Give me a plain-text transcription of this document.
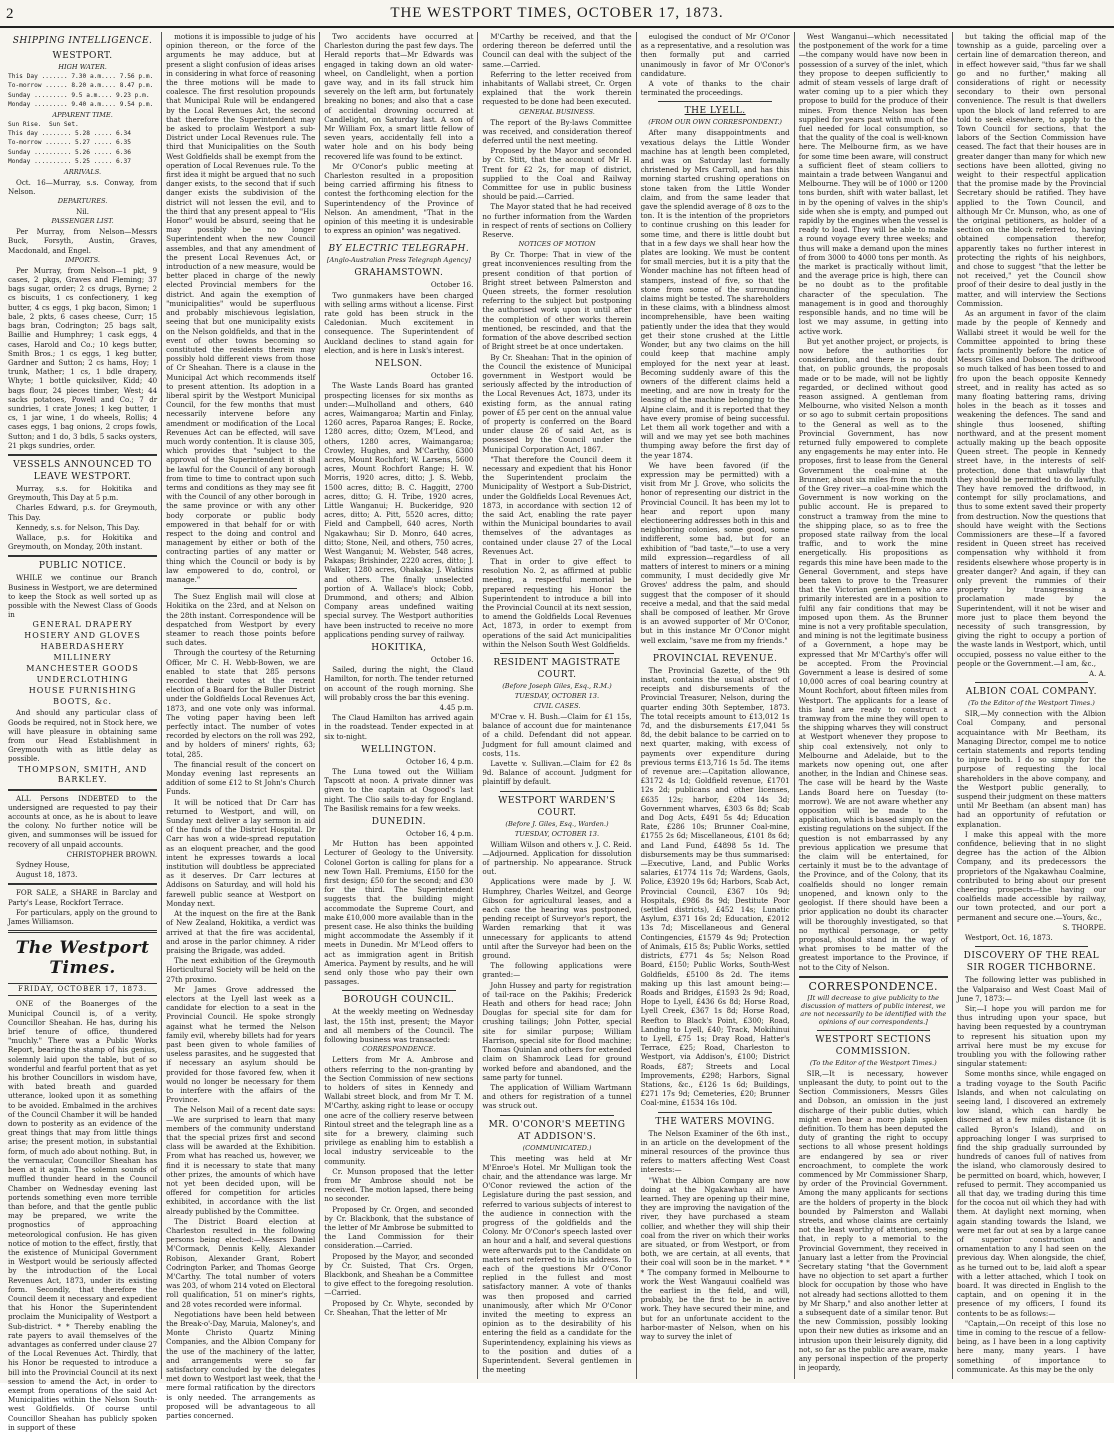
2	THE WESTPORT TIMES, OCTOBER 17, 1873.
SHIPPING INTELLIGENCE.
WESTPORT.
HIGH WATER.

This Day ....... 7.30 a.m.... 7.56 p.m.

To-morrow ...... 8.20 a.m.... 8.47 p.m.

Sunday ......... 9.5 a.m.... 9.23 p.m.

Monday ......... 9.40 a.m.... 9.54 p.m.

APPARENT TIME.

Sun Rise.  Sun Set.

This day ........ 5.28 ..... 6.34

To-morrow ....... 5.27 ..... 6.35

Sunday .......... 5.26 ..... 6.36

Monday .......... 5.25 ..... 6.37

ARRIVALS.

Oct. 16—Murray, s.s. Conway, from Nelson.

DEPARTURES.

Nil.

PASSENGER LIST.

Per Murray, from Nelson—Messrs Buck, Forsyth, Austin, Graves, Macdonald, and Engel.

IMPORTS.

Per Murray, from Nelson—1 pkt, 9 cases, 2 pkgs, Graves and Fleming; 37 bags sugar, order; 2 cs drugs, Byrne; 2 cs biscuits, 1 cs confectionery, 1 keg butter, 4 cs eggs, 1 pkg bacon, Simon; 1 bale, 2 pkts, 6 cases cheese, Curr; 15 bags bran, Codrington; 25 bags salt, Baillie and Humphrey; 1 cask eggs, 4 cases, Harold and Co.; 10 kegs butter, Smith Bros.; 1 cs eggs, 1 keg butter, Gardner and Sutton; 2 cs hams, Hoy; 1 trunk, Mather; 1 cs, 1 bdle drapery, Whyte; 1 bottle quicksilver, Kidd; 40 bags flour, 24 pieces timber, West; 44 sacks potatoes, Powell and Co.; 7 dr sundries, 1 crate Jones; 1 keg butter, 1 cs, 1 jar wine, 1 do wheels, Rollis; 4 cases eggs, 1 bag onions, 2 crops fowls, Sutton; and 1 do, 3 bdls, 5 sacks oysters, 21 pkgs sundries, order.

VESSELS ANNOUNCED TO LEAVE WESTPORT.

Murray, s.s. for Hokitika and Greymouth, This Day at 5 p.m.

Charles Edward, p.s. for Greymouth, This Day.

Kennedy, s.s. for Nelson, This Day.

Wallace, p.s. for Hokitika and Greymouth, on Monday, 20th instant.

PUBLIC NOTICE.

WHILE we continue our Branch Business in Westport, we are determined to keep the Stock as well sorted up as possible with the Newest Class of Goods in

GENERAL DRAPERY

HOSIERY AND GLOVES

HABERDASHERY

MILLINERY

MANCHESTER GOODS

UNDERCLOTHING

HOUSE FURNISHING

BOOTS, &c.

And should any particular class of Goods be required, not in Stock here, we will have pleasure in obtaining same from our Head Establishment in Greymouth with as little delay as possible.

THOMPSON, SMITH, AND BARKLEY.

ALL Persons INDEBTED to the undersigned are requested to pay their accounts at once, as he is about to leave the colony. No further notice will be given, and summonses will be issued for recovery of all unpaid accounts.

CHRISTOPHER BROWN.

Sydney House,

August 18, 1873.

FOR SALE, a SHARE in Barclay and Party's Lease, Rockfort Terrace.

For particulars, apply on the ground to James Williamson.

The Westport Times.
FRIDAY, OCTOBER 17, 1873.

ONE of the Boanerges of the Municipal Council is, of a verity, Councillor Sheahan. He has, during his brief tenure of office, thundered "muchly." There was a Public Works Report, bearing the stamp of his genius, solemnly laid upon the table, but of so wonderful and fearful portent that as yet his brother Councillors in wisdom have, with bated breath and guarded utterance, looked upon it as something to be avoided. Embalmed in the archives of the Council Chamber it will be handed down to posterity as an evidence of the great things that may from little things arise; the present motion, in substantial form, of much ado about nothing. But, in the vernacular, Councillor Sheahan has been at it again. The solemn sounds of muffled thunder heard in the Council Chamber on Wednesday evening last portends something even more terrible than before, and that the gentle public may be prepared, we write the prognostics of approaching meteorological confusion. He has given notice of motion to the effect, firstly, that the existence of Municipal Government in Westport would be seriously affected by the introduction of the Local Revenues Act, 1873, under its existing form. Secondly, that therefore the Council deem it necessary and expedient that his Honor the Superintendent proclaim the Municipality of Westport a Sub-district. * * Thereby enabling the rate payers to avail themselves of the advantages as conferred under clause 27 of the Local Revenues Act. Thirdly, that his Honor be requested to introduce a bill into the Provincial Council at its next session to amend the Act, in order to exempt from operations of the said Act Municipalities within the Nelson South-west Goldfields. Of course until Councillor Sheahan has publicly spoken in support of these

motions it is impossible to judge of his opinion thereon, or the force of the arguments he may adduce, but at present a slight confusion of ideas arises in considering in what force of reasoning the three motions will be made to coalesce. The first resolution propounds that Municipal Rule will be endangered by the Local Revenues Act, the second that therefore the Superintendent may be asked to proclaim Westport a sub-District under Local Revenues rule. The third that Municipalities on the South West Goldfields shall be exempt from the operation of Local Revenues rule. To the first idea it might be argued that no such danger exists, to the second that if such danger exists the subdivision of the district will not lessen the evil, and to the third that any present appeal to "His Honor" would be absurd, seeing that he may possibly be no longer Superintendent when the new Council assembles, and that any amendment of the present Local Revenues Act, or introduction of a new measure, would be better placed in charge of the newly elected Provincial members for the district. And again the exemption of "municipalities" would be superfluous and probably mischievous legislation, seeing that but one municipality exists on the Nelson goldfields, and that in the event of other towns becoming so constituted the residents therein may possibly hold different views from those of Cr Sheahan. There is a clause in the Municipal Act which recommends itself to present attention. Its adoption in a liberal spirit by the Westport Municipal Council, for the few months that must necessarily intervene before any amendment or modification of the Local Revenues Act can be effected, will save much wordy contention. It is clause 305, which provides that "subject to the approval of the Superintendent it shall be lawful for the Council of any borough from time to time to contract upon such terms and conditions as they may see fit with the Council of any other borough in the same province or with any other body corporate or public body empowered in that behalf for or with respect to the doing and control and management by either or both of the contracting parties of any matter or thing which the Council or body is by law empowered to do, control, or manage."

The Suez English mail will close at Hokitika on the 23rd, and at Nelson on the 28th instant. Correspondence will be despatched from Westport by every steamer to reach those points before such dates.

Through the courtesy of the Returning Officer, Mr C. H. Webb-Bowen, we are enabled to state that 285 persons recorded their votes at the recent election of a Board for the Buller District under the Goldfields Local Revenues Act, 1873, and one vote only was informal. The voting paper having been left perfectly intact. The number of votes recorded by electors on the roll was 292, and by holders of miners' rights, 63; total, 285.

The financial result of the concert on Monday evening last represents an addition of some £12 to St John's Church Funds.

It will be noticed that Dr Carr has returned to Westport, and will, on Sunday next deliver a lay sermon in aid of the funds of the District Hospital. Dr Carr has won a wide-spread reputation as an eloquent preacher, and the good intent he expresses towards a local institution will doubtless be appreciated as it deserves. Dr Carr lectures at Addisons on Saturday, and will hold his farewell public seance at Westport on Monday next.

At the inquest on the fire at the Bank of New Zealand, Hokitika, a verdict was arrived at that the fire was accidental, and arose in the parlor chimney. A rider praising the Brigade, was added.

The next exhibition of the Greymouth Horticultural Society will be held on the 27th proximo.

Mr James Grove addressed the electors at the Lyell last week as a candidate for election to a seat in the Provincial Council. He spoke strongly against what he termed the Nelson family evil, whereby billets had for years past been given to whole families of useless parasites, and he suggested that if necessary an asylum should be provided for those favored few, when it would no longer be necessary for them to interfere with the affairs of the Province.

The Nelson Mail of a recent date says:—We are surprised to learn that many members of the community understand that the special prizes first and second class will be awarded at the Exhibition. From what has reached us, however, we find it is necessary to state that many other prizes, the amounts of which have not yet been decided upon, will be offered for competition for articles exhibited, in accordance with the list already published by the Committee.

The District Board election at Charleston resulted in the following persons being elected:—Messrs Daniel M'Cormack, Dennis Kelly, Alexander Robison, Alexander Grant, Robert Codrington Parker, and Thomas George M'Carthy. The total number of voters was 203, of whom 214 voted on Electoral roll qualification, 51 on miner's rights, and 28 votes recorded were informal.

Negotiations have been held between the Break-o'-Day, Maruia, Maloney's, and Monte Christo Quartz Mining Companies, and the Albion Company for the use of the machinery of the latter, and arrangements were so far satisfactory concluded by the delegates met down to Westport last week, that the mere formal ratification by the directors is only needed. The arrangements as proposed will be advantageous to all parties concerned.

Two accidents have occurred at Charleston during the past few days. The Herald reports that—Mr Edwards was engaged in taking down an old water-wheel, on Candlelight, when a portion gave way, and in its fall struck him severely on the left arm, but fortunately breaking no bones; and also that a case of accidental drowning occurred at Candlelight, on Saturday last. A son of Mr William Fox, a smart little fellow of seven years, accidentally fell into a water hole and on his body being recovered life was found to be extinct.

Mr O'Conor's public meeting at Charleston resulted in a proposition being carried affirming his fitness to contest the forthcoming election for the Superintendency of the Province of Nelson. An amendment, "That in the opinion of this meeting it is undesirable to express an opinion" was negatived.

BY ELECTRIC TELEGRAPH.
[Anglo-Australian Press Telegraph Agency]
GRAHAMSTOWN.

October 16.

Two gunmakers have been charged with selling arms without a license. First rate gold has been struck in the Caledonian. Much excitement in consequence. The Superintendent of Auckland declines to stand again for election, and is here in Lusk's interest.

NELSON.

October 16.

The Waste Lands Board has granted prospecting licenses for six months as under:—Mulholland and others, 640 acres, Waimangaroa; Martin and Finlay, 1260 acres, Paparoa Ranges; E. Rocke, 1280 acres, ditto; Ozem, M'Leod, and others, 1280 acres, Waimangaroa; Crowley, Hughes, and M'Carthy, 6300 acres, Mount Rochfort; W. Larsens, 5600 acres, Mount Rochfort Range; H. W. Morris, 1920 acres, ditto; J. S. Webb, 1500 acres, ditto; B. C. Haggitt, 2700 acres, ditto; G. H. Tribe, 1920 acres, Little Wanganui; H. Buckeridge, 920 acres, ditto; A. Pitt, 5520 acres, ditto; Field and Campbell, 640 acres, North Ngakawhau; Sir D. Monro, 640 acres, ditto; Stone, Neil, and others, 750 acres, West Wanganui; M. Webster, 548 acres, Pakapas; Brishinder, 2220 acres, ditto; J. Walker, 1280 acres, Ohakaka; J. Watkins and others. The finally unselected portion of A. Wallace's block; Cobb, Drummond, and others; and Albion Company areas undefined waiting special survey. The Westport authorities have been instructed to receive no more applications pending survey of railway.

HOKITIKA,

October 16.

Sailed, during the night, the Claud Hamilton, for north. The tender returned on account of the rough morning. She will probably cross the bar this evening.

4.45 p.m.

The Claud Hamilton has arrived again in the roadstead. Tender expected in at six to-night.

WELLINGTON.

October 16, 4 p.m.

The Luna towed out the William Tapscott at noon. A private dinner was given to the captain at Osgood's last night. The Clio sails to-day for England. The Basilisk remains for a few weeks.

DUNEDIN.

October 16, 4 p.m.

Mr Hutton has been appointed Lecturer of Geology to the University. Colonel Gorton is calling for plans for a new Town Hall. Premiums, £150 for the first design; £50 for the second; and £30 for the third. The Superintendent suggests that the building might accommodate the Supreme Court, and make £10,000 more available than in the present case. He also thinks the building might accommodate the Assembly if it meets in Dunedin. Mr M'Leod offers to act as immigration agent in British America. Payment by results, and he will send only those who pay their own passages.

BOROUGH COUNCIL.

At the weekly meeting on Wednesday last, the 15th inst, present; the Mayor and all members of the Council. The following business was transacted:

CORRESPONDENCE.

Letters from Mr A. Ambrose and others referring to the non-granting by the Section Commission of new sections to holders of sites in Kennedy and Wallabi street block, and from Mr T. M. M'Carthy, asking right to lease or occupy one acre of the colliery reserve between Rintoul street and the telegraph line as a site for a brewery, claiming such privilege as enabling him to establish a local industry serviceable to the community.

Cr. Munson proposed that the letter from Mr Ambrose should not be received. The motion lapsed, there being no seconder.

Proposed by Cr. Orgen, and seconded by Cr. Blackbonk, that the substance of the letter of Mr Ambrose be submitted to the Land Commission for their consideration.—Carried.

Proposed by the Mayor, and seconded by Cr. Suisted, That Crs. Orgen, Blackbonk, and Sheahan be a Committee to give effect to the foregoing resolution.—Carried.

Proposed by Cr. Whyte, seconded by Cr. Sheahan, That the letter of Mr

M'Carthy be received, and that the ordering thereon be deferred until the Council can deal with the subject of the same.—Carried.

Referring to the letter received from inhabitants of Wallabi street, Cr. Orgen explained that the work therein requested to be done had been executed.

GENERAL BUSINESS.

The report of the By-laws Committee was received, and consideration thereof deferred until the next meeting.

Proposed by the Mayor and seconded by Cr. Stitt, that the account of Mr H. Trent for £2 2s, for map of district, supplied to the Coal and Railway Committee for use in public business should be paid.—Carried.

The Mayor stated that he had received no further information from the Warden in respect of rents of sections on Colliery Reserve.

NOTICES OF MOTION

By Cr. Thorpe: That in view of the great inconveniences resulting from the present condition of that portion of Bright street between Palmerston and Queen streets, the former resolution referring to the subject but postponing the authorised work upon it until after the completion of other works therein mentioned, be rescinded, and that the formation of the above described section of Bright street be at once undertaken.

By Cr. Sheahan: That in the opinion of the Council the existence of Municipal government in Westport would be seriously affected by the introduction of the Local Revenues Act, 1873, under its existing form, as the annual rating power of £5 per cent on the annual value of property is conferred on the Board under clause 26 of said Act, as is possessed by the Council under the Municipal Corporation Act, 1867.

"That therefore the Council deem it necessary and expedient that his Honor the Superintendent proclaim the Municipality of Westport a Sub-District, under the Goldfields Local Revenues Act, 1873, in accordance with section 12 of the said Act, enabling the rate payer within the Municipal boundaries to avail themselves of the advantages as contained under clause 27 of the Local Revenues Act.

That in order to give effect to resolution No. 2, as affirmed at public meeting, a respectful memorial be prepared requesting his Honor the Superintendent to introduce a bill into the Provincial Council at its next session, to amend the Goldfields Local Revenues Act, 1873, in order to exempt from operations of the said Act municipalities within the Nelson South West Goldfields.

RESIDENT MAGISTRATE COURT.
(Before Joseph Giles, Esq., R.M.)
TUESDAY, OCTOBER 13.
CIVIL CASES.

M'Crae v. H. Bush.—Claim for £1 15s, balance of account due for maintenance of a child. Defendant did not appear. Judgment for full amount claimed and costs, 11s.

Lavette v. Sullivan.—Claim for £2 8s 9d. Balance of account. Judgment for plaintiff by default.

WESTPORT WARDEN'S COURT.
(Before J. Giles, Esq., Warden.)
TUESDAY, OCTOBER 13.

William Wilson and others v. J. C. Reid.—Adjourned. Application for dissolution of partnership. No appearance. Struck out.

Applications were made by J. W. Humphrey, Charles Weitzel, and George Gibson for agricultural leases, and a each case the hearing was postponed, pending receipt of Surveyor's report, the Warden remarking that it was unnecessary for applicants to attend until after the Surveyor had been on the ground.

The following applications were granted:—

John Hussey and party for registration of tail-race on the Pakihis; Frederick Heath and others for head race; John Douglas for special site for dam for crushing tailings; John Potter, special site for similar purpose; William Harrison, special site for flood machine; Thomas Quinlan and others for extended claim on Shamrock Lead for ground worked before and abandoned, and the same party for tunnel.

The application of William Wartmann and others for registration of a tunnel was struck out.

MR. O'CONOR'S MEETING AT ADDISON'S.
(COMMUNICATED.)

This meeting was held at Mr M'Enroe's Hotel. Mr Mulligan took the chair, and the attendance was large. Mr O'Conor reviewed the action of the Legislature during the past session, and referred to various subjects of interest to the audience in connection with the progress of the goldfields and the Colony. Mr O'Conor's speech lasted over an hour and a half, and several questions were afterwards put to the Candidate on matters not referred to in his address. To each of the questions Mr O'Conor replied in the fullest and most satisfactory manner. A vote of thanks was then proposed and carried unanimously, after which Mr O'Conor invited the meeting to express an opinion as to the desirability of his entering the field as a candidate for the Superintendency, explaining his views as to the position and duties of a Superintendent. Several gentlemen in the meeting

eulogised the conduct of Mr O'Conor as a representative, and a resolution was then formally put and carried unanimously in favor of Mr O'Conor's candidature.

A vote of thanks to the chair terminated the proceedings.

THE LYELL.
(FROM OUR OWN CORRESPONDENT.)

After many disappointments and vexatious delays the Little Wonder machine has at length been completed, and was on Saturday last formally christened by Mrs Carroll, and has this morning started crushing operations on stone taken from the Little Wonder claim, and from the same leader that gave the splendid average of 8 ozs to the ton. It is the intention of the proprietors to continue crushing on this leader for some time, and there is little doubt but that in a few days we shall hear how the plates are looking. We must be content for small mercies, but it is a pity that the Wonder machine has not fifteen head of stampers, instead of five, so that the stone from some of the surrounding claims might be tested. The shareholders in these claims, with a blindness almost incomprehensible, have been waiting patiently under the idea that they would get their stone crushed at the Little Wonder, but any two claims on the hill could keep that machine amply employed for the next year at least. Becoming suddenly aware of this the owners of the different claims held a meeting, and are now in treaty for the leasing of the machine belonging to the Alpine claim, and it is reported that they have every promise of being successful. Let them all work together and with a will and we may yet see both machines thumping away before the first day of the year 1874.

We have been favored (if the expression may be permitted) with a visit from Mr J. Grove, who solicits the honor of representing our district in the Provincial Council. It has been my lot to hear and report upon many electioneering addresses both in this and neighboring colonies, some good, some indifferent, some bad, but for an exhibition of "bad taste,"—to use a very mild expression—regardless of all matters of interest to miners or a mining community, I must decidedly give Mr Groves' address the palm, and should suggest that the composer of it should receive a medal, and that the said medal shall be composed of leather. Mr Grove is an avowed supporter of Mr O'Conor, but in this instance Mr O'Conor might well exclaim, "save me from my friends."

PROVINCIAL REVENUE.

The Provincial Gazette, of the 9th instant, contains the usual abstract of receipts and disbursements of the Provincial Treasurer, Nelson, during the quarter ending 30th September, 1873. The total receipts amount to £13,012 1s 7d, and the disbursements £17,041 5s 8d, the debit balance to be carried on to next quarter, making, with excess of payments over expenditure during previous terms £13,716 1s 5d. The items of revenue are:—Capitation allowance, £3172 4s 1d; Goldfield revenue, £1701 12s 2d; publicans and other licenses, £635 12s; harbor, £204 14s 3d; Government wharves, £303 6s 8d; Scab and Dog Acts, £491 5s 4d; Education Rate, £286 10s; Brunner Coal-mine, £1755 2s 6d; Miscellaneous, £101 8s 6d; and Land Fund, £4898 5s 1d. The disbursements may be thus summarised:—Executive, Land, and Public Works salaries, £1774 11s 7d; Wardens, Gaols, Police, £3920 19s 6d; Harbors, Scab Act, Provincial Council, £367 10s 9d; Hospitals, £986 8s 9d; Destitute Poor (settled districts), £452 14s; Lunatic Asylum, £371 16s 2d; Education, £2012 13s 7d; Miscellaneous and General Contingencies, £1579 4s 9d; Protection of Animals, £15 8s; Public Works, settled districts, £771 4s 5s; Nelson Road Board, £150; Public Works, South-West Goldfields, £5100 8s 2d. The items making up this last amount being:—Roads and Bridges, £1593 2s 9d; Road, Hope to Lyell, £436 6s 8d; Horse Road, Lyell Creek, £367 1s 8d; Horse Road, Reefton to Black's Point, £300; Road, Landing to Lyell, £40; Track, Mokihinui to Lyell, £75 1s; Dray Road, Hatter's Terrace, £25; Road, Charleston to Westport, via Addison's, £100; District Roads, £87; Streets and Local Improvements, £298; Harbors, Signal Stations, &c., £126 1s 6d; Buildings, £271 17s 9d; Cemeteries, £20; Brunner Coal-mine, £1534 16s 10d.

THE WATERS MOVING.

The Nelson Examiner of the 6th inst., in an article on the development of the mineral resources of the province thus refers to matters affecting West Coast interests:—

"What the Albion Company are now doing at the Ngakawhau all have learned. They are opening up their mine, they are improving the navigation of the river, they have purchased a steam collier, and whether they will ship their coal from the river on which their works are situated, or from Westport, or from both, we are certain, at all events, that their coal will soon be in the market. * * * The company formed in Melbourne to work the West Wangauui coalfield was the earliest in the field, and will, probably, be the first to be in active work. They have secured their mine, and but for an unfortunate accident to the harbor-master of Nelson, when on his way to survey the inlet of

West Wanganui—which necessitated the postponement of the work for a time—the company would have now been in possession of a survey of the inlet, which they propose to deepen sufficiently to admit of steam vessels of large draft of water coming up to a pier which they propose to build for the produce of their mines. From thence Nelson has been supplied for years past with much of the fuel needed for local consumption, so that the quality of the coal is well-known here. The Melbourne firm, as we have for some time been aware, will construct a sufficient fleet of steam colliers to maintain a trade between Wanganui and Melbourne. They will be of 1000 or 1200 tons burden, shift with water ballast, let in by the opening of valves in the ship's side when she is empty, and pumped out rapidly by the engines when the vessel is ready to load. They will be able to make a round voyage every three weeks; and thus will make a demand upon the mines of from 3000 to 4000 tons per month. As the market is practically without limit, and the average price is high, there can be no doubt as to the profitable character of the speculation. The management is in good and thoroughly responsible hands, and no time will be lost we may assume, in getting into active work.

But yet another project, or projects, is now before the authorities for consideration, and there is no doubt that, on public grounds, the proposals made or to be made, will not be lightly regarded, or declined without good reason assigned. A gentleman from Melbourne, who visited Nelson a month or so ago to submit certain propositions to the General as well as to the Provincial Government, has now returned fully empowered to complete any engagements he may enter into. He proposes, first to lease from the General Government the coal-mine at the Brunner, about six miles from the mouth of the Grey river—a coal-mine which the Government is now working on the public account. He is prepared to construct a tramway from the mine to the shipping place, so as to free the proposed state railway from the local traffic, and to work the mine energetically. His propositions as regards this mine have been made to the General Government, and steps have been taken to prove to the Treasurer that the Victorian gentlemen who are primarily interested are in a position to fulfil any fair conditions that may be imposed upon them. As the Brunner mine is not a very profitable speculation, and mining is not the legitimate business of a Government, a hope may be expressed that Mr M'Carthy's offer will be accepted. From the Provincial Government a lease is desired of some 10,000 acres of coal bearing country at Mount Rochfort, about fifteen miles from Westport. The applicants for a lease of this land are ready to construct a tramway from the mine they will open to the shipping wharves they will construct at Westport whenever they propose to ship coal extensively, not only to Melbourne and Adelaide, but to the markets now opening out, one after another, in the Indian and Chinese seas. The case will be heard by the Waste Lands Board here on Tuesday (to-morrow). We are not aware whether any opposition will be made to the application, which is based simply on the existing regulations on the subject. If the question is not embarrassed by any previous application we presume that the claim will be entertained, for certainly it must be to the advantage of the Province, and of the Colony, that its coalfields should no longer remain unopened, and known only to the geologist. If there should have been a prior application no doubt its character will be thoroughly investigated, so that no mythical personage, or petty proposal, should stand in the way of what promises to be matter of the greatest importance to the Province, if not to the City of Nelson.

CORRESPONDENCE.
[It will decrease to give publicity to the discussion of matters of public interest, we are not necessarily to be identified with the opinions of our correspondents.]
WESTPORT SECTIONS COMMISSION.
(To the Editor of the Westport Times.)

SIR,—It is necessary, however unpleasant the duty, to point out to the Section Commissioners, Messrs Giles and Dobson, an omission in the just discharge of their public duties, which might even bear a more plain spoken definition. To them has been deputed the duty of granting the right to occupy sections to all whose present holdings are endangered by sea or river encroachment, to complete the work commenced by Mr Commissioner Sharp, by order of the Provincial Government. Among the many applicants for sections are the holders of property in the block bounded by Palmerston and Wallabi streets, and whose claims are certainly not the least worthy of attention, seeing that, in reply to a memorial to the Provincial Government, they received in January last a letter from the Provincial Secretary stating "that the Government have no objection to set apart a further block for occupation by those who have not already had sections allotted to them by Mr Sharp," and also another letter at a subsequent date of a similar tenor. But the new Commission, possibly looking upon their new duties as irksome and an intrusion upon their leisurely dignity, did not, so far as the public are aware, make any personal inspection of the property in jeopardy,

but taking the official map of the township as a guide, parceling over a certain line of demarcation thereon, and in effect however said, "thus far we shall go and no further," making all considerations of right or necessity secondary to their own personal convenience. The result is that dwellers upon the block of land referred to are told to seek elsewhere, to apply to the Town Council for sections, that the labors of the Section Commission have ceased. The fact that their houses are in greater danger than many for which new sections have been allotted, giving no weight to their respectful application that the promise made by the Provincial Secretary should be ratified. They have applied to the Town Council, and although Mr Cr. Munson, who, as one of the original petitioners, as holder of a section on the block referred to, having obtained compensation therefor, apparently takes no further interest in protecting the rights of his neighbors, and chose to suggest "that the letter be not received," yet the Council show proof of their desire to deal justly in the matter, and will interview the Sections Commission.

As an argument in favor of the claim made by the people of Kennedy and Wallabi street it would be well for the Committee appointed to bring these facts prominently before the notice of Messrs Giles and Dobson. The driftwood so much talked of has been tossed to and fro upon the beach opposite Kennedy street, and in reality has acted as so many floating battering rams, driving holes in the beach as it tosses and weakening the defences. The sand and shingle thus loosened, shifting northward, and at the present moment actually making up the beach opposite Queen street. The people in Kennedy street have, in the interests of self-protection, done that unlawfully that they should be permitted to do lawfully. They have removed the driftwood, in contempt for silly proclamations, and thus to some extent saved their property from destruction. Now the questions that should have weight with the Sections Commissioners are these—If a favored resident in Queen street has received compensation why withhold it from residents elsewhere whose property is in greater danger? And again, if they can only prevent the rummies of their property by transgressing a proclamation made by the Superintendent, will it not be wiser and more just to place them beyond the necessity of such transgression, by giving the right to occupy a portion of the waste lands in Westport, which, until occupied, possess no value either to the people or the Government.—I am, &c.,

A. A.

ALBION COAL COMPANY.
(To the Editor of the Westport Times.)

SIR,—My connection with the Albion Coal Company, and personal acquaintance with Mr Beetham, its Managing Director, compel me to notice certain statements and reports tending to injure both. I do so simply for the purpose of requesting the local shareholders in the above company, and the Westport public generally, to suspend their judgment on these matters until Mr Beetham (an absent man) has had an opportunity of refutation or explanation.

I make this appeal with the more confidence, believing that in no slight degree has the action of the Albion Company, and its predecessors the proprietors of the Ngakawhau Coalmine, contributed to bring about our present cheering prospects—the having our coalfields made accessible by railway, our town protected, and our port a permanent and secure one.—Yours, &c.,

S. THORPE.

Westport, Oct. 16, 1873.

DISCOVERY OF THE REAL SIR ROGER TICHBORNE.

The following letter was published in the Valparaiso and West Coast Mail of June 7, 1873:—

Sir,—I hope you will pardon me for thus intruding upon your space, but having been requested by a countryman to represent his situation upon my arrival here must be my excuse for troubling you with the following rather singular statement:

Some months since, while engaged on a trading voyage to the South Pacific Islands, and when not calculating on seeing land, I discovered an extremely low island, which can hardly be discerned at a few miles distance (it is called Byron's Island), and on approaching longer I was surprised to find the ship gradually surrounded by hundreds of canoes full of natives from the island, who clamorously desired to be permitted on board, which, however, I refused to permit. They accompanied us all that day, we trading during this time for the cocoa nut oil which they had with them. At daylight next morning, when again standing towards the Island, we were met far out at sea by a large canoe of superior construction and ornamentation to any I had seen on the previous day. When alongside, the chief, as he turned out to be, laid aloft a spear with a letter attached, which I took on board. It was directed in English to the captain, and on opening it in the presence of my officers, I found its contents to be as follows:—

"Captain,—On receipt of this lose no time in coming to the rescue of a fellow-being, as I have been in a long captivity here many, many years. I have something of importance to communicate. As this may be the only
